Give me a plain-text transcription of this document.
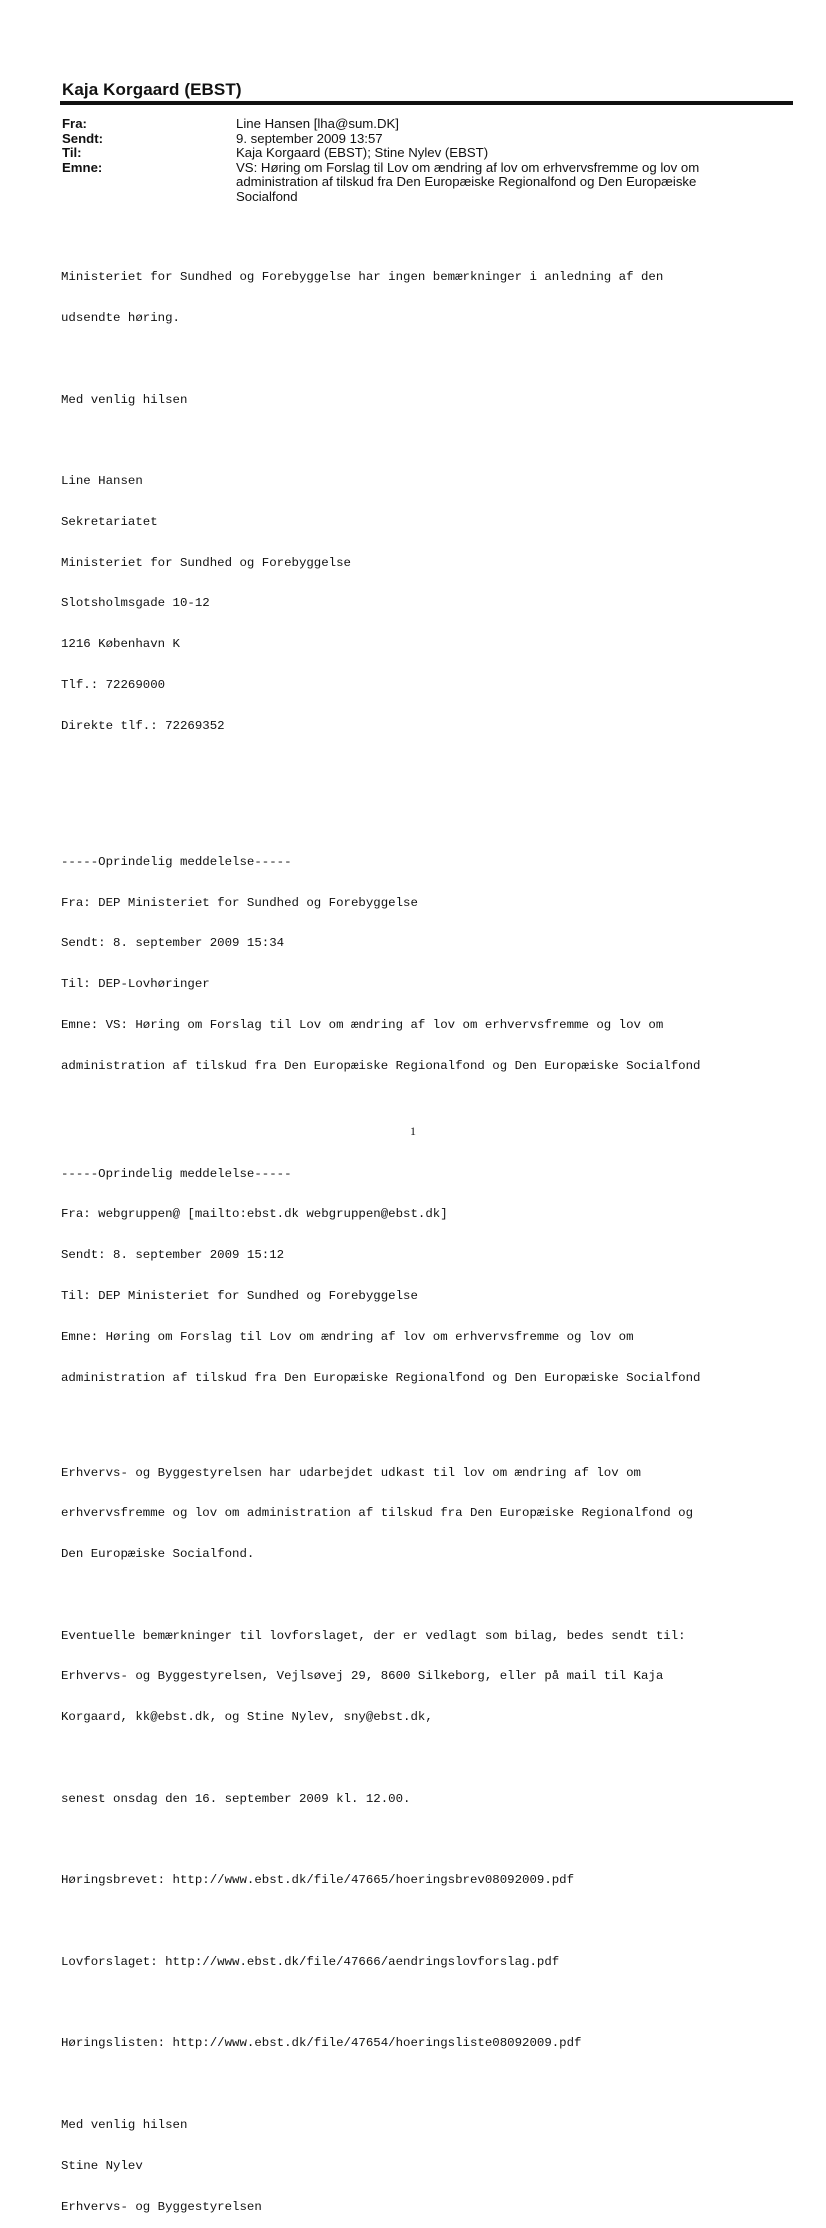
Kaja Korgaard (EBST)
Fra:	Line Hansen [lha@sum.DK]
Sendt:	9. september 2009 13:57
Til:	Kaja Korgaard (EBST); Stine Nylev (EBST)
Emne:	VS: Høring om Forslag til Lov om ændring af lov om erhvervsfremme og lov om administration af tilskud fra Den Europæiske Regionalfond og Den Europæiske Socialfond

Ministeriet for Sundhed og Forebyggelse har ingen bemærkninger i anledning af den

udsendte høring.

Med venlig hilsen

Line Hansen

Sekretariatet

Ministeriet for Sundhed og Forebyggelse

Slotsholmsgade 10-12

1216 København K

Tlf.: 72269000

Direkte tlf.: 72269352

-----Oprindelig meddelelse-----

Fra: DEP Ministeriet for Sundhed og Forebyggelse

Sendt: 8. september 2009 15:34

Til: DEP-Lovhøringer

Emne: VS: Høring om Forslag til Lov om ændring af lov om erhvervsfremme og lov om

administration af tilskud fra Den Europæiske Regionalfond og Den Europæiske Socialfond

-----Oprindelig meddelelse-----

Fra: webgruppen@ [mailto:ebst.dk webgruppen@ebst.dk]

Sendt: 8. september 2009 15:12

Til: DEP Ministeriet for Sundhed og Forebyggelse

Emne: Høring om Forslag til Lov om ændring af lov om erhvervsfremme og lov om

administration af tilskud fra Den Europæiske Regionalfond og Den Europæiske Socialfond

Erhvervs- og Byggestyrelsen har udarbejdet udkast til lov om ændring af lov om

erhvervsfremme og lov om administration af tilskud fra Den Europæiske Regionalfond og

Den Europæiske Socialfond.

Eventuelle bemærkninger til lovforslaget, der er vedlagt som bilag, bedes sendt til:

Erhvervs- og Byggestyrelsen, Vejlsøvej 29, 8600 Silkeborg, eller på mail til Kaja

Korgaard, kk@ebst.dk, og Stine Nylev, sny@ebst.dk,

senest onsdag den 16. september 2009 kl. 12.00.

Høringsbrevet: http://www.ebst.dk/file/47665/hoeringsbrev08092009.pdf

Lovforslaget: http://www.ebst.dk/file/47666/aendringslovforslag.pdf

Høringslisten: http://www.ebst.dk/file/47654/hoeringsliste08092009.pdf

Med venlig hilsen

Stine Nylev

Erhvervs- og Byggestyrelsen

1
